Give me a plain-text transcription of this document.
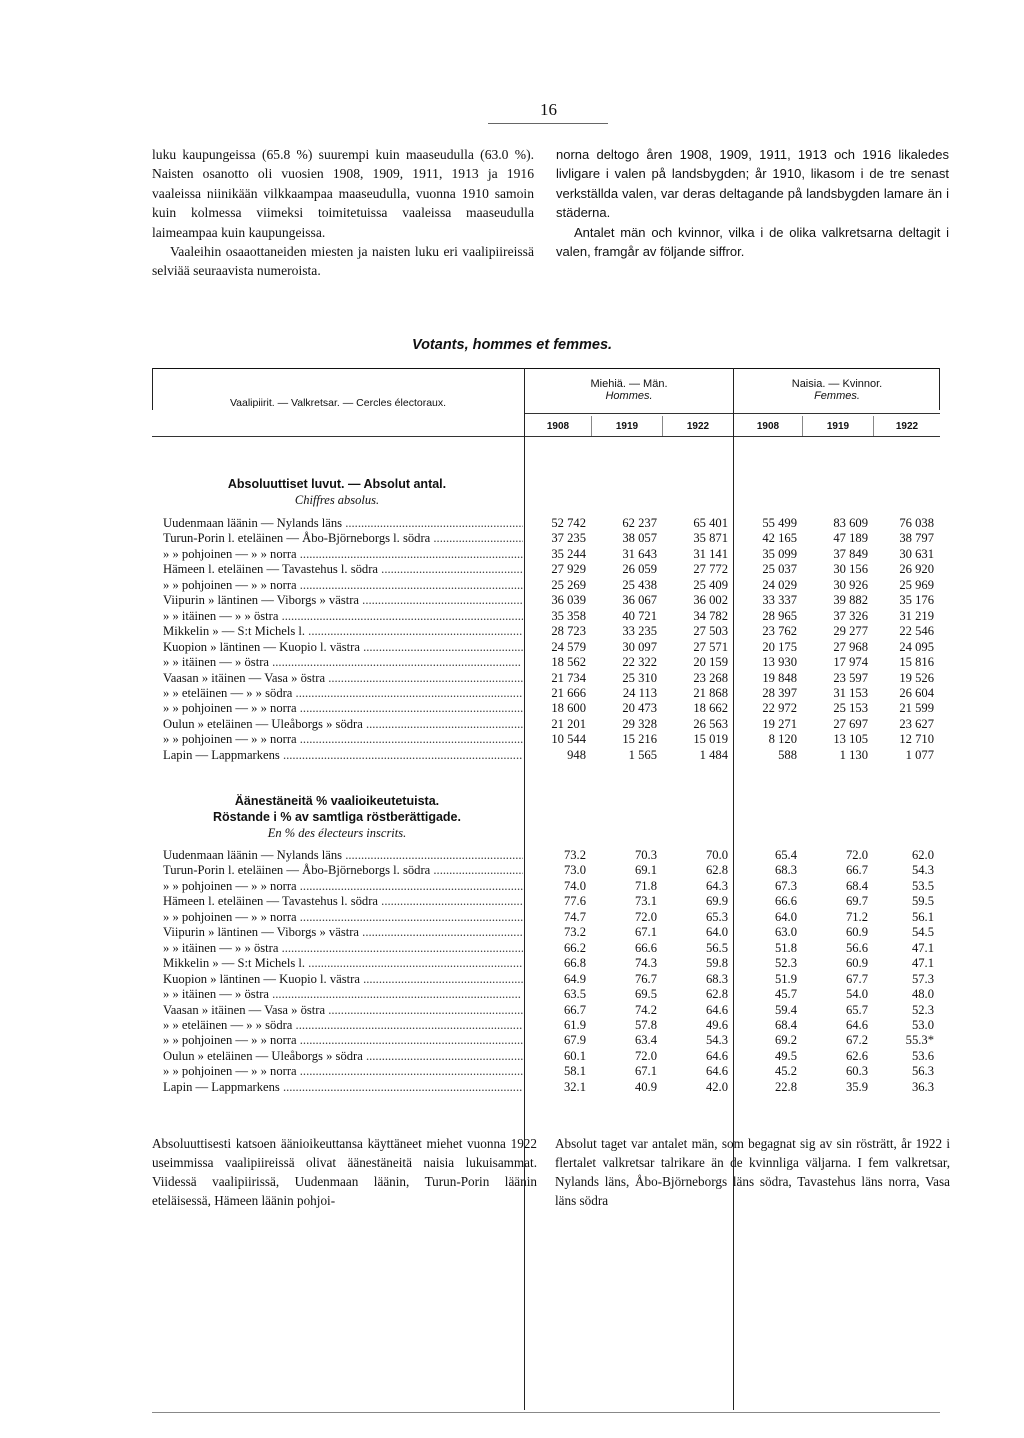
16

luku kaupungeissa (65.8 %) suurempi kuin maaseudulla (63.0 %). Naisten osanotto oli vuosien 1908, 1909, 1911, 1913 ja 1916 vaaleissa niinikään vilkkaampaa maaseudulla, vuonna 1910 samoin kuin kolmessa viimeksi toimitetuissa vaaleissa maaseudulla laimeampaa kuin kaupungeissa.

Vaaleihin osaaottaneiden miesten ja naisten luku eri vaalipiireissä selviää seuraavista numeroista.

norna deltogo åren 1908, 1909, 1911, 1913 och 1916 likaledes livligare i valen på landsbygden; år 1910, likasom i de tre senast verkställda valen, var deras deltagande på landsbygden lamare än i städerna.

Antalet män och kvinnor, vilka i de olika valkretsarna deltagit i valen, framgår av följande siffror.

Votants, hommes et femmes.
Vaalipiirit. — Valkretsar. — Cercles électoraux.
Miehiä. — Män.
Hommes.
Naisia. — Kvinnor.
Femmes.
1908	1919	1922	1908	1919	1922
Absoluuttiset luvut. — Absolut antal.
Chiffres absolus.
Uudenmaan läänin — Nylands läns .....	52 742	62 237	65 401	55 499	83 609	76 038
Turun-Porin l. eteläinen — Åbo-Björneborgs l. södra .....	37 235	38 057	35 871	42 165	47 189	38 797
» » pohjoinen — » » norra .....	35 244	31 643	31 141	35 099	37 849	30 631
Hämeen l. eteläinen — Tavastehus l. södra .....	27 929	26 059	27 772	25 037	30 156	26 920
» » pohjoinen — » » norra .....	25 269	25 438	25 409	24 029	30 926	25 969
Viipurin » läntinen — Viborgs » västra .....	36 039	36 067	36 002	33 337	39 882	35 176
» » itäinen — » » östra .....	35 358	40 721	34 782	28 965	37 326	31 219
Mikkelin » — S:t Michels l. .....	28 723	33 235	27 503	23 762	29 277	22 546
Kuopion » läntinen — Kuopio l. västra .....	24 579	30 097	27 571	20 175	27 968	24 095
» » itäinen — » östra .....	18 562	22 322	20 159	13 930	17 974	15 816
Vaasan » itäinen — Vasa » östra .....	21 734	25 310	23 268	19 848	23 597	19 526
» » eteläinen — » » södra .....	21 666	24 113	21 868	28 397	31 153	26 604
» » pohjoinen — » » norra .....	18 600	20 473	18 662	22 972	25 153	21 599
Oulun » eteläinen — Uleåborgs » södra .....	21 201	29 328	26 563	19 271	27 697	23 627
» » pohjoinen — » » norra .....	10 544	15 216	15 019	8 120	13 105	12 710
Lapin — Lappmarkens .....	948	1 565	1 484	588	1 130	1 077
Äänestäneitä % vaalioikeutetuista.
Röstande i % av samtliga röstberättigade.
En % des électeurs inscrits.
Uudenmaan läänin — Nylands läns .....	73.2	70.3	70.0	65.4	72.0	62.0
Turun-Porin l. eteläinen — Åbo-Björneborgs l. södra .....	73.0	69.1	62.8	68.3	66.7	54.3
» » pohjoinen — » » norra .....	74.0	71.8	64.3	67.3	68.4	53.5
Hämeen l. eteläinen — Tavastehus l. södra .....	77.6	73.1	69.9	66.6	69.7	59.5
» » pohjoinen — » » norra .....	74.7	72.0	65.3	64.0	71.2	56.1
Viipurin » läntinen — Viborgs » västra .....	73.2	67.1	64.0	63.0	60.9	54.5
» » itäinen — » » östra .....	66.2	66.6	56.5	51.8	56.6	47.1
Mikkelin » — S:t Michels l. .....	66.8	74.3	59.8	52.3	60.9	47.1
Kuopion » läntinen — Kuopio l. västra .....	64.9	76.7	68.3	51.9	67.7	57.3
» » itäinen — » östra .....	63.5	69.5	62.8	45.7	54.0	48.0
Vaasan » itäinen — Vasa » östra .....	66.7	74.2	64.6	59.4	65.7	52.3
» » eteläinen — » » södra .....	61.9	57.8	49.6	68.4	64.6	53.0
» » pohjoinen — » » norra .....	67.9	63.4	54.3	69.2	67.2	55.3*
Oulun » eteläinen — Uleåborgs » södra .....	60.1	72.0	64.6	49.5	62.6	53.6
» » pohjoinen — » » norra .....	58.1	67.1	64.6	45.2	60.3	56.3
Lapin — Lappmarkens .....	32.1	40.9	42.0	22.8	35.9	36.3
Absoluuttisesti katsoen äänioikeuttansa käyttäneet miehet vuonna 1922 useimmissa vaalipiireissä olivat äänestäneitä naisia lukuisammat. Viidessä vaalipiirissä, Uudenmaan läänin, Turun-Porin läänin eteläisessä, Hämeen läänin pohjoi-
Absolut taget var antalet män, som begagnat sig av sin rösträtt, år 1922 i flertalet valkretsar talrikare än de kvinnliga väljarna. I fem valkretsar, Nylands läns, Åbo-Björneborgs läns södra, Tavastehus läns norra, Vasa läns södra
